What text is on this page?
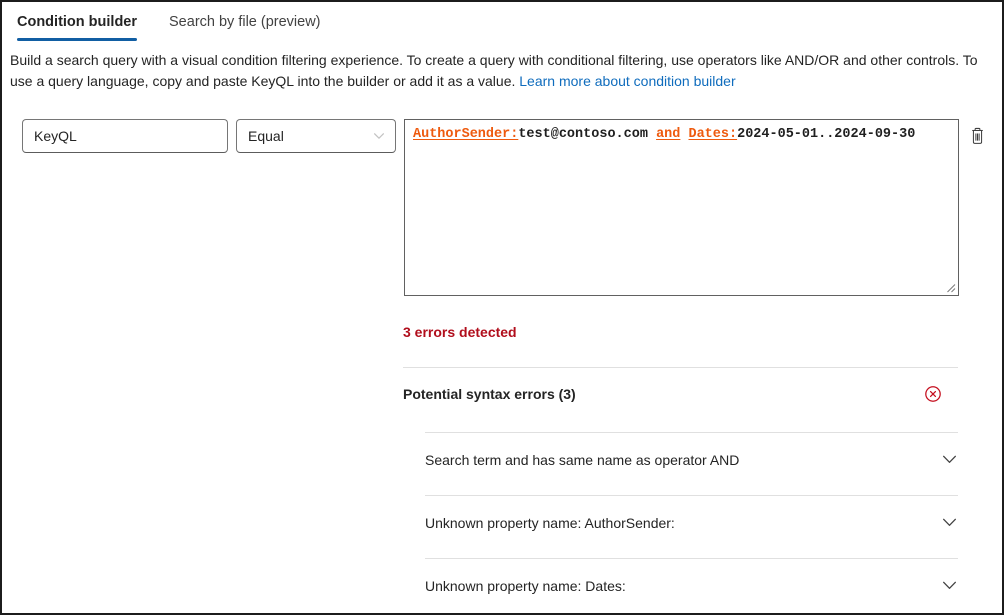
Condition builder	Search by file (preview)

Build a search query with a visual condition filtering experience. To create a query with conditional filtering, use operators like AND/OR and other controls. To use a query language, copy and paste KeyQL into the builder or add it as a value. Learn more about condition builder

KeyQL
Equal	AuthorSender:test@contoso.com and Dates:2024-05-01..2024-09-30
3 errors detected
Potential syntax errors (3)
Search term and has same name as operator AND
Unknown property name: AuthorSender:
Unknown property name: Dates:
